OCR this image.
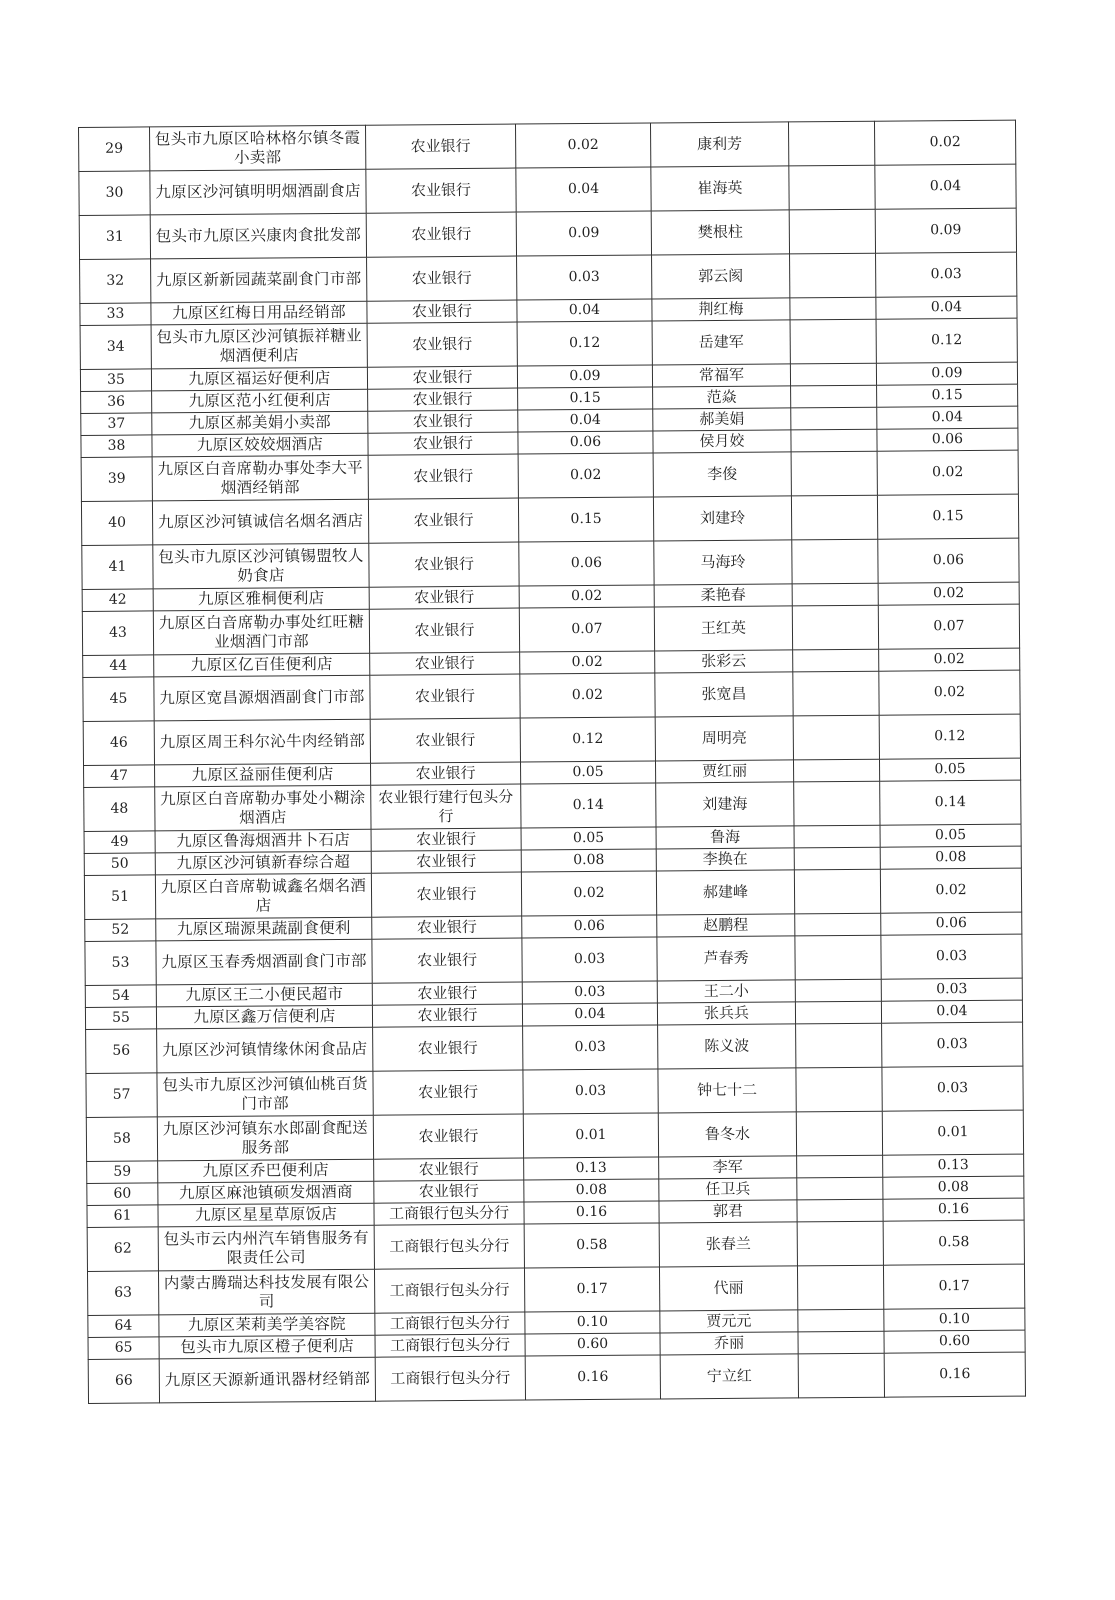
29	包头市九原区哈林格尔镇冬霞小卖部	农业银行	0.02	康利芳		0.02
30	九原区沙河镇明明烟酒副食店	农业银行	0.04	崔海英		0.04
31	包头市九原区兴康肉食批发部	农业银行	0.09	樊根柱		0.09
32	九原区新新园蔬菜副食门市部	农业银行	0.03	郭云阂		0.03
33	九原区红梅日用品经销部	农业银行	0.04	荆红梅		0.04
34	包头市九原区沙河镇振祥糖业烟酒便利店	农业银行	0.12	岳建军		0.12
35	九原区福运好便利店	农业银行	0.09	常福军		0.09
36	九原区范小红便利店	农业银行	0.15	范焱		0.15
37	九原区郝美娟小卖部	农业银行	0.04	郝美娟		0.04
38	九原区姣姣烟酒店	农业银行	0.06	侯月姣		0.06
39	九原区白音席勒办事处李大平烟酒经销部	农业银行	0.02	李俊		0.02
40	九原区沙河镇诚信名烟名酒店	农业银行	0.15	刘建玲		0.15
41	包头市九原区沙河镇锡盟牧人奶食店	农业银行	0.06	马海玲		0.06
42	九原区雅桐便利店	农业银行	0.02	柔艳春		0.02
43	九原区白音席勒办事处红旺糖业烟酒门市部	农业银行	0.07	王红英		0.07
44	九原区亿百佳便利店	农业银行	0.02	张彩云		0.02
45	九原区宽昌源烟酒副食门市部	农业银行	0.02	张宽昌		0.02
46	九原区周王科尔沁牛肉经销部	农业银行	0.12	周明亮		0.12
47	九原区益丽佳便利店	农业银行	0.05	贾红丽		0.05
48	九原区白音席勒办事处小糊涂烟酒店	农业银行建行包头分行	0.14	刘建海		0.14
49	九原区鲁海烟酒井卜石店	农业银行	0.05	鲁海		0.05
50	九原区沙河镇新春综合超	农业银行	0.08	李换在		0.08
51	九原区白音席勒诚鑫名烟名酒店	农业银行	0.02	郝建峰		0.02
52	九原区瑞源果蔬副食便利	农业银行	0.06	赵鹏程		0.06
53	九原区玉春秀烟酒副食门市部	农业银行	0.03	芦春秀		0.03
54	九原区王二小便民超市	农业银行	0.03	王二小		0.03
55	九原区鑫万信便利店	农业银行	0.04	张兵兵		0.04
56	九原区沙河镇情缘休闲食品店	农业银行	0.03	陈义波		0.03
57	包头市九原区沙河镇仙桃百货门市部	农业银行	0.03	钟七十二		0.03
58	九原区沙河镇东水郎副食配送服务部	农业银行	0.01	鲁冬水		0.01
59	九原区乔巴便利店	农业银行	0.13	李军		0.13
60	九原区麻池镇硕发烟酒商	农业银行	0.08	任卫兵		0.08
61	九原区星星草原饭店	工商银行包头分行	0.16	郭君		0.16
62	包头市云内州汽车销售服务有限责任公司	工商银行包头分行	0.58	张春兰		0.58
63	内蒙古腾瑞达科技发展有限公司	工商银行包头分行	0.17	代丽		0.17
64	九原区茉莉美学美容院	工商银行包头分行	0.10	贾元元		0.10
65	包头市九原区橙子便利店	工商银行包头分行	0.60	乔丽		0.60
66	九原区天源新通讯器材经销部	工商银行包头分行	0.16	宁立红		0.16
